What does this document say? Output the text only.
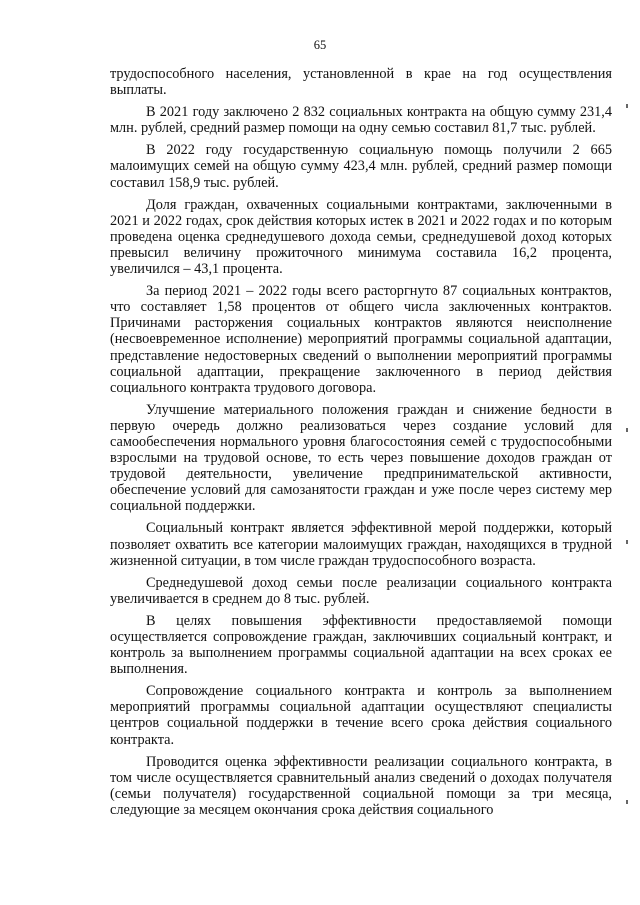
65

трудоспособного населения, установленной в крае на год осуществления выплаты.

В 2021 году заключено 2 832 социальных контракта на общую сумму 231,4 млн. рублей, средний размер помощи на одну семью составил 81,7 тыс. рублей.

В 2022 году государственную социальную помощь получили 2 665 малоимущих семей на общую сумму 423,4 млн. рублей, средний размер помощи составил 158,9 тыс. рублей.

Доля граждан, охваченных социальными контрактами, заключенными в 2021 и 2022 годах, срок действия которых истек в 2021 и 2022 годах и по которым проведена оценка среднедушевого дохода семьи, среднедушевой доход которых превысил величину прожиточного минимума составила 16,2 процента, увеличился – 43,1 процента.

За период 2021 – 2022 годы всего расторгнуто 87 социальных контрактов, что составляет 1,58 процентов от общего числа заключенных контрактов. Причинами расторжения социальных контрактов являются неисполнение (несвоевременное исполнение) мероприятий программы социальной адаптации, представление недостоверных сведений о выполнении мероприятий программы социальной адаптации, прекращение заключенного в период действия социального контракта трудового договора.

Улучшение материального положения граждан и снижение бедности в первую очередь должно реализоваться через создание условий для самообеспечения нормального уровня благосостояния семей с трудоспособными взрослыми на трудовой основе, то есть через повышение доходов граждан от трудовой деятельности, увеличение предпринимательской активности, обеспечение условий для самозанятости граждан и уже после через систему мер социальной поддержки.

Социальный контракт является эффективной мерой поддержки, который позволяет охватить все категории малоимущих граждан, находящихся в трудной жизненной ситуации, в том числе граждан трудоспособного возраста.

Среднедушевой доход семьи после реализации социального контракта увеличивается в среднем до 8 тыс. рублей.

В целях повышения эффективности предоставляемой помощи осуществляется сопровождение граждан, заключивших социальный контракт, и контроль за выполнением программы социальной адаптации на всех сроках ее выполнения.

Сопровождение социального контракта и контроль за выполнением мероприятий программы социальной адаптации осуществляют специалисты центров социальной поддержки в течение всего срока действия социального контракта.

Проводится оценка эффективности реализации социального контракта, в том числе осуществляется сравнительный анализ сведений о доходах получателя (семьи получателя) государственной социальной помощи за три месяца, следующие за месяцем окончания срока действия социального
